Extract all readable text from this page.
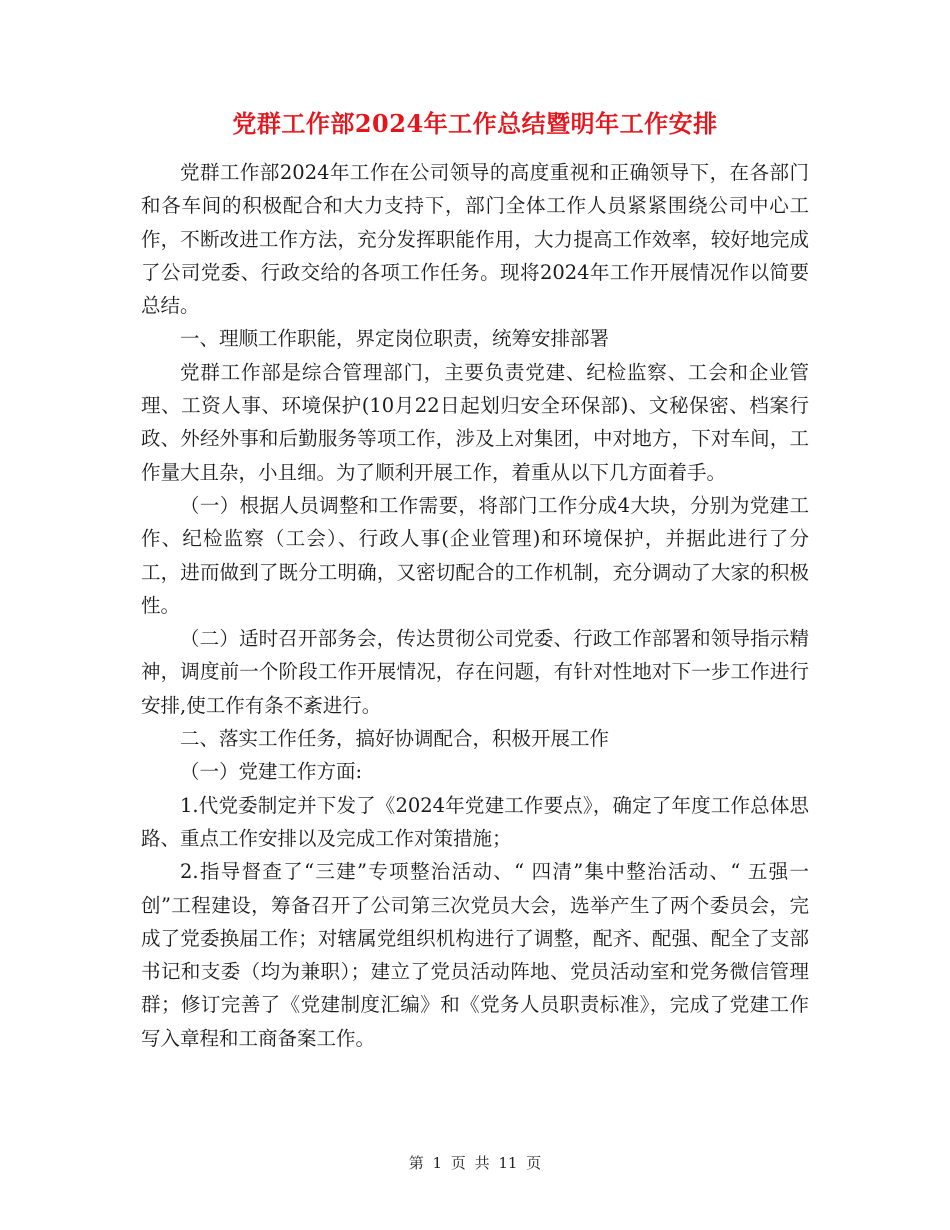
党群工作部2024年工作总结暨明年工作安排

党群工作部2024年工作在公司领导的高度重视和正确领导下，在各部门和各车间的积极配合和大力支持下，部门全体工作人员紧紧围绕公司中心工作，不断改进工作方法，充分发挥职能作用，大力提高工作效率，较好地完成了公司党委、行政交给的各项工作任务。现将2024年工作开展情况作以简要总结。

一、理顺工作职能，界定岗位职责，统筹安排部署

党群工作部是综合管理部门，主要负责党建、纪检监察、工会和企业管理、工资人事、环境保护(10月22日起划归安全环保部)、文秘保密、档案行政、外经外事和后勤服务等项工作，涉及上对集团，中对地方，下对车间，工作量大且杂，小且细。为了顺利开展工作，着重从以下几方面着手。

（一）根据人员调整和工作需要，将部门工作分成4大块，分别为党建工作、纪检监察（工会）、行政人事(企业管理)和环境保护，并据此进行了分工，进而做到了既分工明确，又密切配合的工作机制，充分调动了大家的积极性。

（二）适时召开部务会，传达贯彻公司党委、行政工作部署和领导指示精神，调度前一个阶段工作开展情况，存在问题，有针对性地对下一步工作进行安排,使工作有条不紊进行。

二、落实工作任务，搞好协调配合，积极开展工作

（一）党建工作方面:

1.代党委制定并下发了《2024年党建工作要点》，确定了年度工作总体思路、重点工作安排以及完成工作对策措施；

2.指导督查了“三建”专项整治活动、“ 四清”集中整治活动、“ 五强一创”工程建设，筹备召开了公司第三次党员大会，选举产生了两个委员会，完成了党委换届工作；对辖属党组织机构进行了调整，配齐、配强、配全了支部书记和支委（均为兼职）；建立了党员活动阵地、党员活动室和党务微信管理群；修订完善了《党建制度汇编》和《党务人员职责标准》，完成了党建工作写入章程和工商备案工作。

第 1 页 共 11 页
